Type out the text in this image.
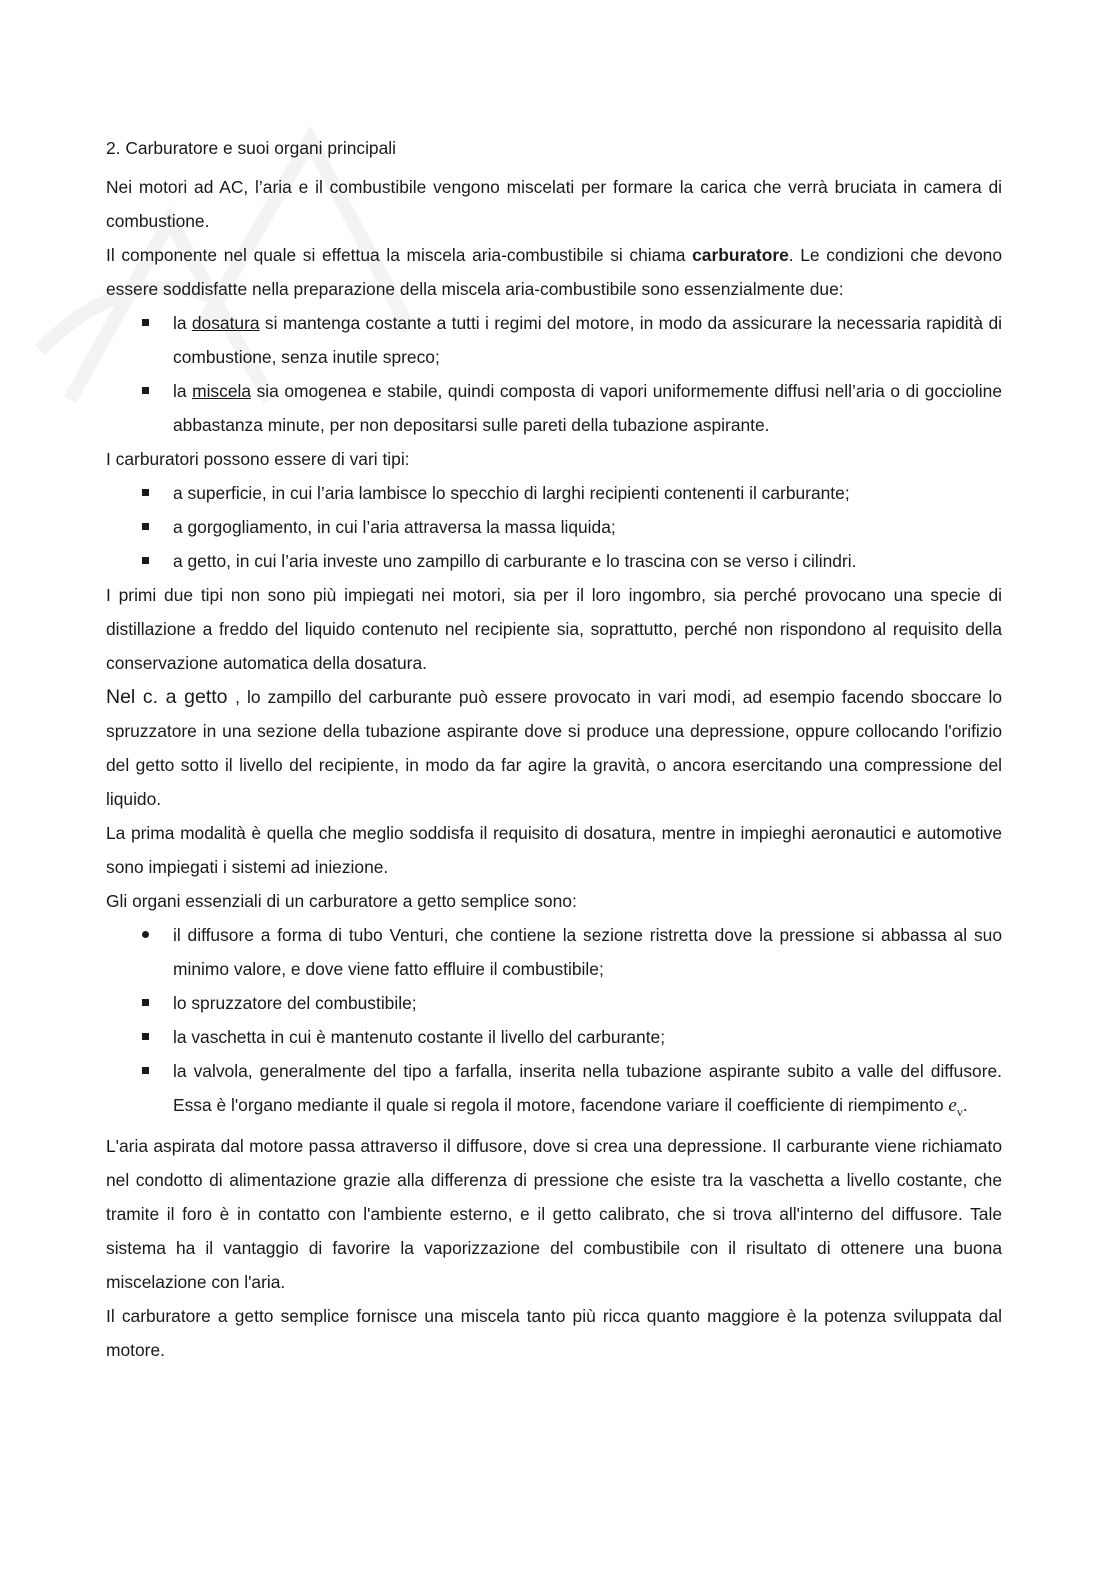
2. Carburatore e suoi organi principali

Nei motori ad AC, l’aria e il combustibile vengono miscelati per formare la carica che verrà bruciata in camera di combustione.

Il componente nel quale si effettua la miscela aria-combustibile si chiama carburatore. Le condizioni che devono essere soddisfatte nella preparazione della miscela aria-combustibile sono essenzialmente due:

la dosatura si mantenga costante a tutti i regimi del motore, in modo da assicurare la necessaria rapidità di combustione, senza inutile spreco;
la miscela sia omogenea e stabile, quindi composta di vapori uniformemente diffusi nell’aria o di goccioline abbastanza minute, per non depositarsi sulle pareti della tubazione aspirante.

I carburatori possono essere di vari tipi:

a superficie, in cui l’aria lambisce lo specchio di larghi recipienti contenenti il carburante;
a gorgogliamento, in cui l’aria attraversa la massa liquida;
a getto, in cui l’aria investe uno zampillo di carburante e lo trascina con se verso i cilindri.

I primi due tipi non sono più impiegati nei motori, sia per il loro ingombro, sia perché provocano una specie di distillazione a freddo del liquido contenuto nel recipiente sia, soprattutto, perché non rispondono al requisito della conservazione automatica della dosatura.

Nel c. a getto , lo zampillo del carburante può essere provocato in vari modi, ad esempio facendo sboccare lo spruzzatore in una sezione della tubazione aspirante dove si produce una depressione, oppure collocando l'orifizio del getto sotto il livello del recipiente, in modo da far agire la gravità, o ancora esercitando una compressione del liquido.

La prima modalità è quella che meglio soddisfa il requisito di dosatura, mentre in impieghi aeronautici e automotive sono impiegati i sistemi ad iniezione.

Gli organi essenziali di un carburatore a getto semplice sono:

il diffusore a forma di tubo Venturi, che contiene la sezione ristretta dove la pressione si abbassa al suo minimo valore, e dove viene fatto effluire il combustibile;
lo spruzzatore del combustibile;
la vaschetta in cui è mantenuto costante il livello del carburante;
la valvola, generalmente del tipo a farfalla, inserita nella tubazione aspirante subito a valle del diffusore. Essa è l'organo mediante il quale si regola il motore, facendone variare il coefficiente di riempimento $e_v$.

L'aria aspirata dal motore passa attraverso il diffusore, dove si crea una depressione. Il carburante viene richiamato nel condotto di alimentazione grazie alla differenza di pressione che esiste tra la vaschetta a livello costante, che tramite il foro è in contatto con l'ambiente esterno, e il getto calibrato, che si trova all'interno del diffusore. Tale sistema ha il vantaggio di favorire la vaporizzazione del combustibile con il risultato di ottenere una buona miscelazione con l'aria.

Il carburatore a getto semplice fornisce una miscela tanto più ricca quanto maggiore è la potenza sviluppata dal motore.
